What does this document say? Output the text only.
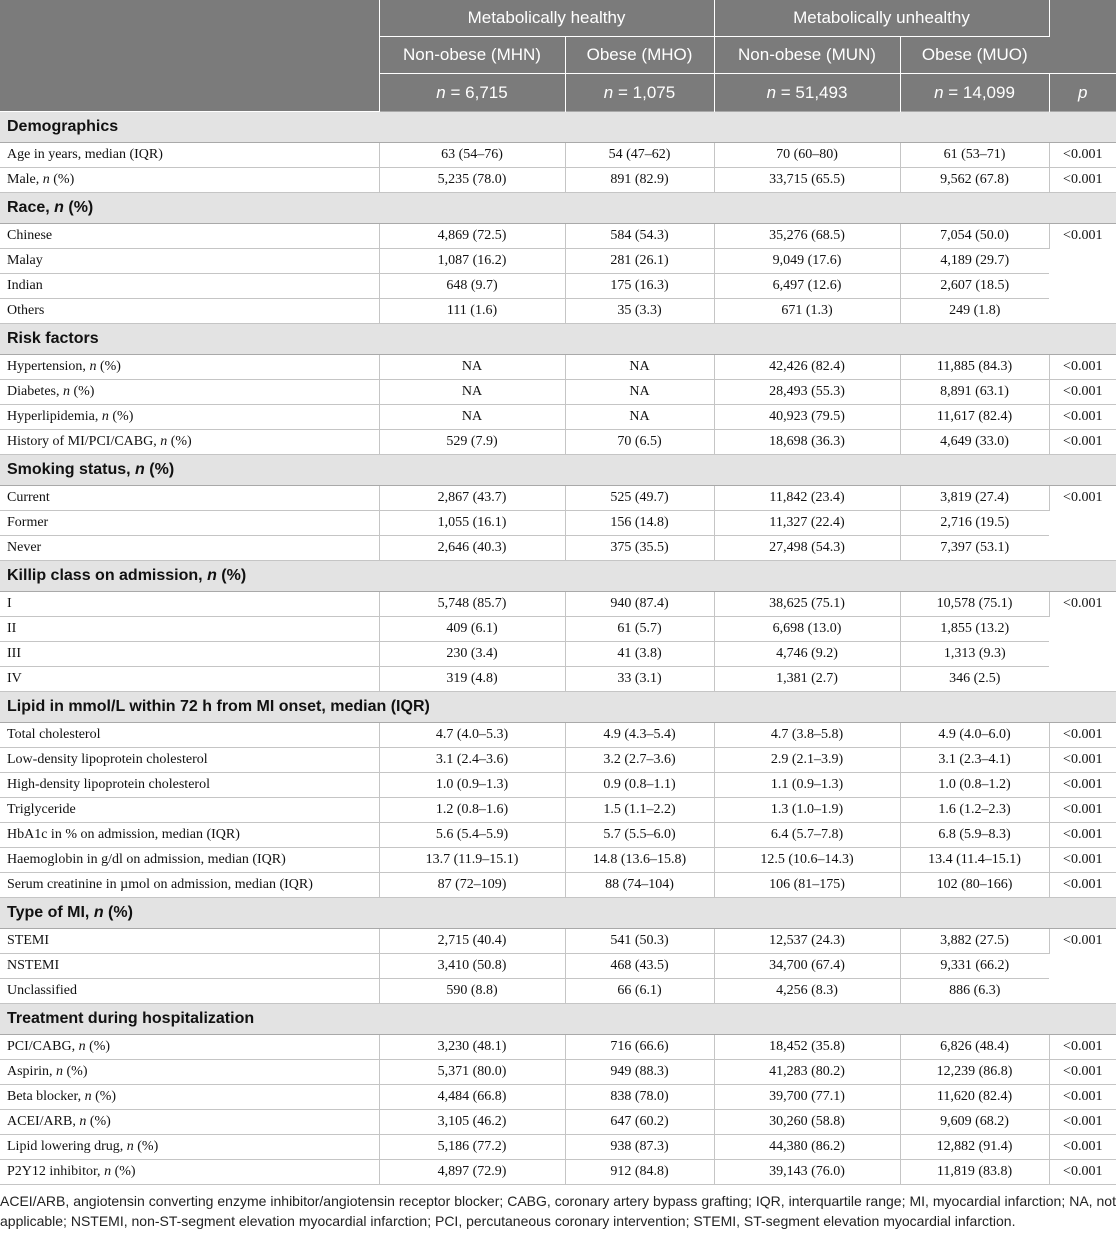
	Metabolically healthy		Metabolically unhealthy		
	Non-obese (MHN)	Obese (MHO)	Non-obese (MUN)	Obese (MUO)	
	n = 6,715	n = 1,075	n = 51,493	n = 14,099	p
Demographics					
Age in years, median (IQR)	63 (54–76)	54 (47–62)	70 (60–80)	61 (53–71)	<0.001
Male, n (%)	5,235 (78.0)	891 (82.9)	33,715 (65.5)	9,562 (67.8)	<0.001
Race, n (%)					
Chinese	4,869 (72.5)	584 (54.3)	35,276 (68.5)	7,054 (50.0)	<0.001
Malay	1,087 (16.2)	281 (26.1)	9,049 (17.6)	4,189 (29.7)	
Indian	648 (9.7)	175 (16.3)	6,497 (12.6)	2,607 (18.5)	
Others	111 (1.6)	35 (3.3)	671 (1.3)	249 (1.8)	
Risk factors					
Hypertension, n (%)	NA	NA	42,426 (82.4)	11,885 (84.3)	<0.001
Diabetes, n (%)	NA	NA	28,493 (55.3)	8,891 (63.1)	<0.001
Hyperlipidemia, n (%)	NA	NA	40,923 (79.5)	11,617 (82.4)	<0.001
History of MI/PCI/CABG, n (%)	529 (7.9)	70 (6.5)	18,698 (36.3)	4,649 (33.0)	<0.001
Smoking status, n (%)					
Current	2,867 (43.7)	525 (49.7)	11,842 (23.4)	3,819 (27.4)	<0.001
Former	1,055 (16.1)	156 (14.8)	11,327 (22.4)	2,716 (19.5)	
Never	2,646 (40.3)	375 (35.5)	27,498 (54.3)	7,397 (53.1)	
Killip class on admission, n (%)					
I	5,748 (85.7)	940 (87.4)	38,625 (75.1)	10,578 (75.1)	<0.001
II	409 (6.1)	61 (5.7)	6,698 (13.0)	1,855 (13.2)	
III	230 (3.4)	41 (3.8)	4,746 (9.2)	1,313 (9.3)	
IV	319 (4.8)	33 (3.1)	1,381 (2.7)	346 (2.5)	
Lipid in mmol/L within 72 h from MI onset, median (IQR)					
Total cholesterol	4.7 (4.0–5.3)	4.9 (4.3–5.4)	4.7 (3.8–5.8)	4.9 (4.0–6.0)	<0.001
Low-density lipoprotein cholesterol	3.1 (2.4–3.6)	3.2 (2.7–3.6)	2.9 (2.1–3.9)	3.1 (2.3–4.1)	<0.001
High-density lipoprotein cholesterol	1.0 (0.9–1.3)	0.9 (0.8–1.1)	1.1 (0.9–1.3)	1.0 (0.8–1.2)	<0.001
Triglyceride	1.2 (0.8–1.6)	1.5 (1.1–2.2)	1.3 (1.0–1.9)	1.6 (1.2–2.3)	<0.001
HbA1c in % on admission, median (IQR)	5.6 (5.4–5.9)	5.7 (5.5–6.0)	6.4 (5.7–7.8)	6.8 (5.9–8.3)	<0.001
Haemoglobin in g/dl on admission, median (IQR)	13.7 (11.9–15.1)	14.8 (13.6–15.8)	12.5 (10.6–14.3)	13.4 (11.4–15.1)	<0.001
Serum creatinine in µmol on admission, median (IQR)	87 (72–109)	88 (74–104)	106 (81–175)	102 (80–166)	<0.001
Type of MI, n (%)					
STEMI	2,715 (40.4)	541 (50.3)	12,537 (24.3)	3,882 (27.5)	<0.001
NSTEMI	3,410 (50.8)	468 (43.5)	34,700 (67.4)	9,331 (66.2)	
Unclassified	590 (8.8)	66 (6.1)	4,256 (8.3)	886 (6.3)	
Treatment during hospitalization					
PCI/CABG, n (%)	3,230 (48.1)	716 (66.6)	18,452 (35.8)	6,826 (48.4)	<0.001
Aspirin, n (%)	5,371 (80.0)	949 (88.3)	41,283 (80.2)	12,239 (86.8)	<0.001
Beta blocker, n (%)	4,484 (66.8)	838 (78.0)	39,700 (77.1)	11,620 (82.4)	<0.001
ACEI/ARB, n (%)	3,105 (46.2)	647 (60.2)	30,260 (58.8)	9,609 (68.2)	<0.001
Lipid lowering drug, n (%)	5,186 (77.2)	938 (87.3)	44,380 (86.2)	12,882 (91.4)	<0.001
P2Y12 inhibitor, n (%)	4,897 (72.9)	912 (84.8)	39,143 (76.0)	11,819 (83.8)	<0.001
ACEI/ARB, angiotensin converting enzyme inhibitor/angiotensin receptor blocker; CABG, coronary artery bypass grafting; IQR, interquartile range; MI, myocardial infarction; NA, not applicable; NSTEMI, non-ST-segment elevation myocardial infarction; PCI, percutaneous coronary intervention; STEMI, ST-segment elevation myocardial infarction.
